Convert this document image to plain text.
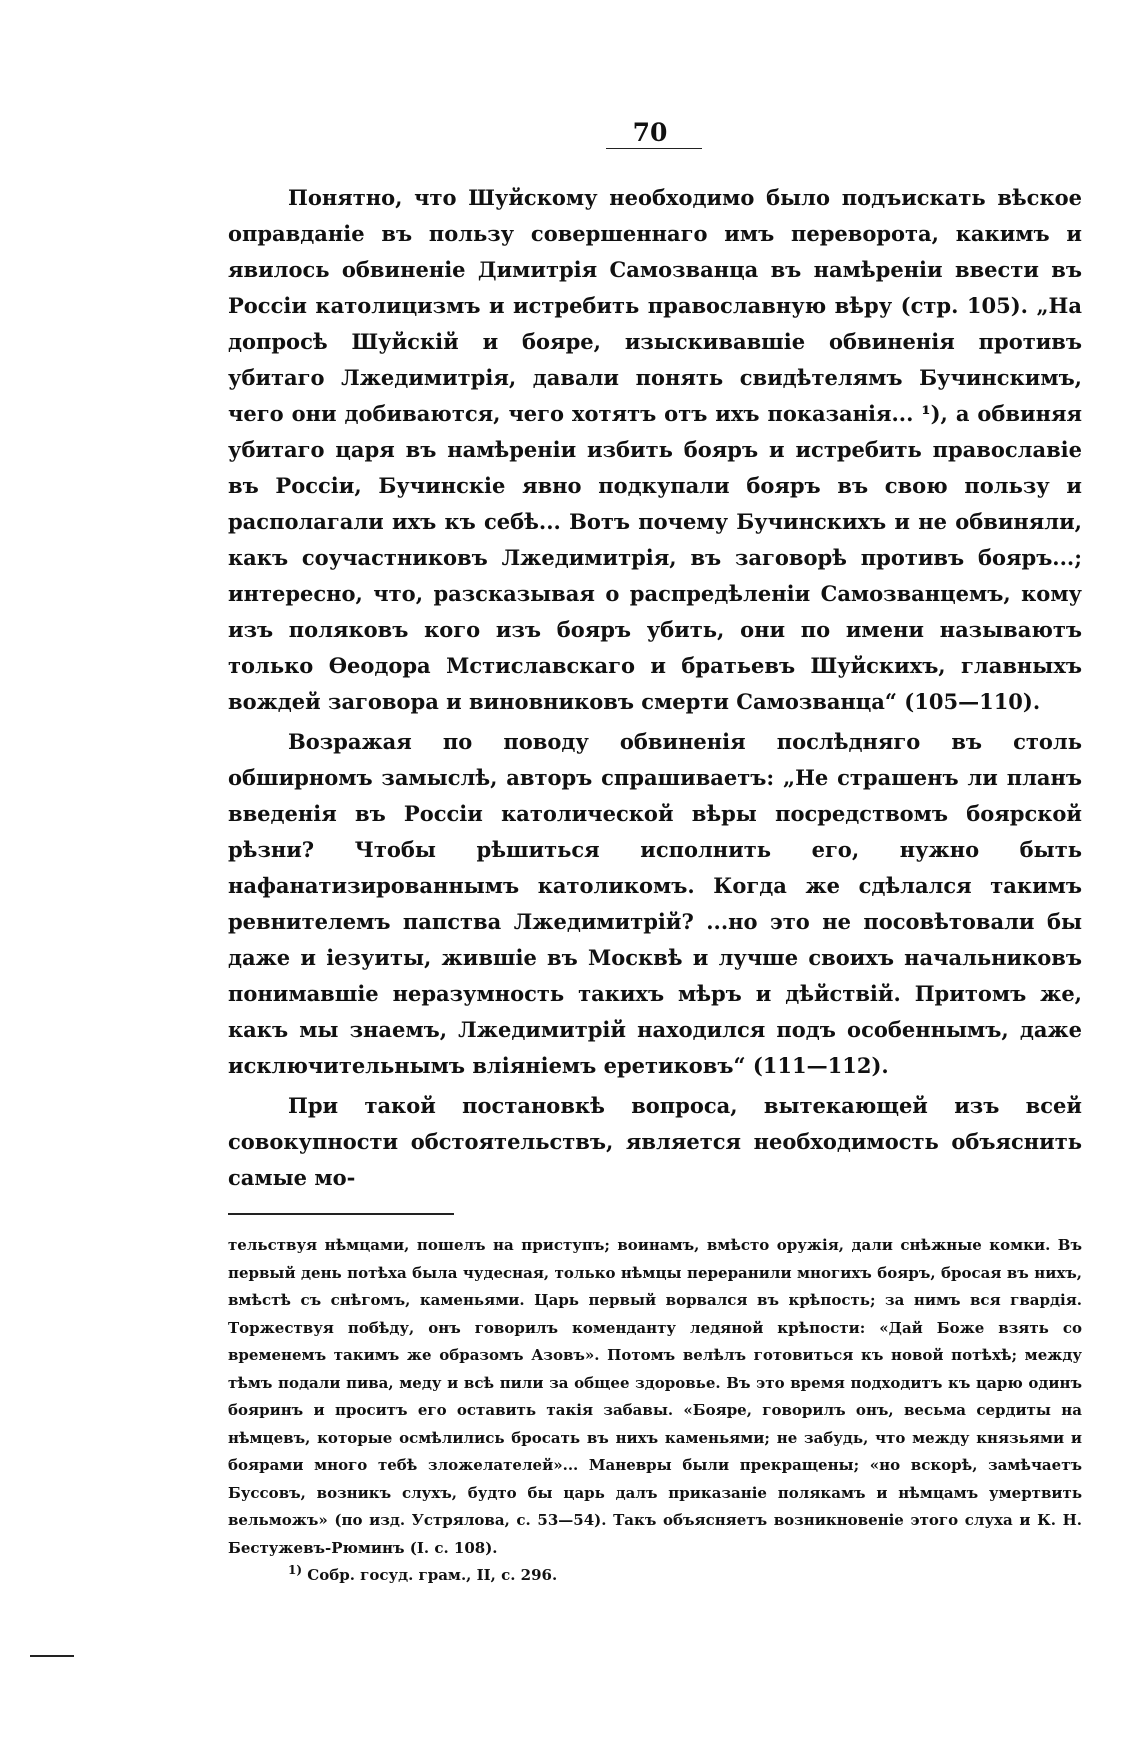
70

Понятно, что Шуйскому необходимо было подъискать вѣское оправданіе въ пользу совершеннаго имъ переворота, какимъ и явилось обвиненіе Димитрія Самозванца въ намѣреніи ввести въ Россіи католицизмъ и истребить православную вѣру (стр. 105). „На допросѣ Шуйскій и бояре, изыскивавшіе обвиненія противъ убитаго Лжедимитрія, давали понять свидѣтелямъ Бучинскимъ, чего они добиваются, чего хотятъ отъ ихъ показанія... ¹), а обвиняя убитаго царя въ намѣреніи избить бояръ и истребить православіе въ Россіи, Бучинскіе явно подкупали бояръ въ свою пользу и располагали ихъ къ себѣ... Вотъ почему Бучинскихъ и не обвиняли, какъ соучастниковъ Лжедимитрія, въ заговорѣ противъ бояръ...; интересно, что, разсказывая о распредѣленіи Самозванцемъ, кому изъ поляковъ кого изъ бояръ убить, они по имени называютъ только Ѳеодора Мстиславскаго и братьевъ Шуйскихъ, главныхъ вождей заговора и виновниковъ смерти Самозванца“ (105—110).

Возражая по поводу обвиненія послѣдняго въ столь обширномъ замыслѣ, авторъ спрашиваетъ: „Не страшенъ ли планъ введенія въ Россіи католической вѣры посредствомъ боярской рѣзни? Чтобы рѣшиться исполнить его, нужно быть нафанатизированнымъ католикомъ. Когда же сдѣлался такимъ ревнителемъ папства Лжедимитрій? ...но это не посовѣтовали бы даже и іезуиты, жившіе въ Москвѣ и лучше своихъ начальниковъ понимавшіе неразумность такихъ мѣръ и дѣйствій. Притомъ же, какъ мы знаемъ, Лжедимитрій находился подъ особеннымъ, даже исключительнымъ вліяніемъ еретиковъ“ (111—112).

При такой постановкѣ вопроса, вытекающей изъ всей совокупности обстоятельствъ, является необходимость объяснить самые мо-

тельствуя нѣмцами, пошелъ на приступъ; воинамъ, вмѣсто оружія, дали снѣжные комки. Въ первый день потѣха была чудесная, только нѣмцы переранили многихъ бояръ, бросая въ нихъ, вмѣстѣ съ снѣгомъ, каменьями. Царь первый ворвался въ крѣпость; за нимъ вся гвардія. Торжествуя побѣду, онъ говорилъ коменданту ледяной крѣпости: «Дай Боже взять со временемъ такимъ же образомъ Азовъ». Потомъ велѣлъ готовиться къ новой потѣхѣ; между тѣмъ подали пива, меду и всѣ пили за общее здоровье. Въ это время подходитъ къ царю одинъ бояринъ и проситъ его оставить такія забавы. «Бояре, говорилъ онъ, весьма сердиты на нѣмцевъ, которые осмѣлились бросать въ нихъ каменьями; не забудь, что между князьями и боярами много тебѣ зложелателей»... Маневры были прекращены; «но вскорѣ, замѣчаетъ Буссовъ, возникъ слухъ, будто бы царь далъ приказаніе полякамъ и нѣмцамъ умертвить вельможъ» (по изд. Устрялова, с. 53—54). Такъ объясняетъ возникновеніе этого слуха и К. Н. Бестужевъ-Рюминъ (І. с. 108).

$^{1)}$ Собр. госуд. грам., II, с. 296.
